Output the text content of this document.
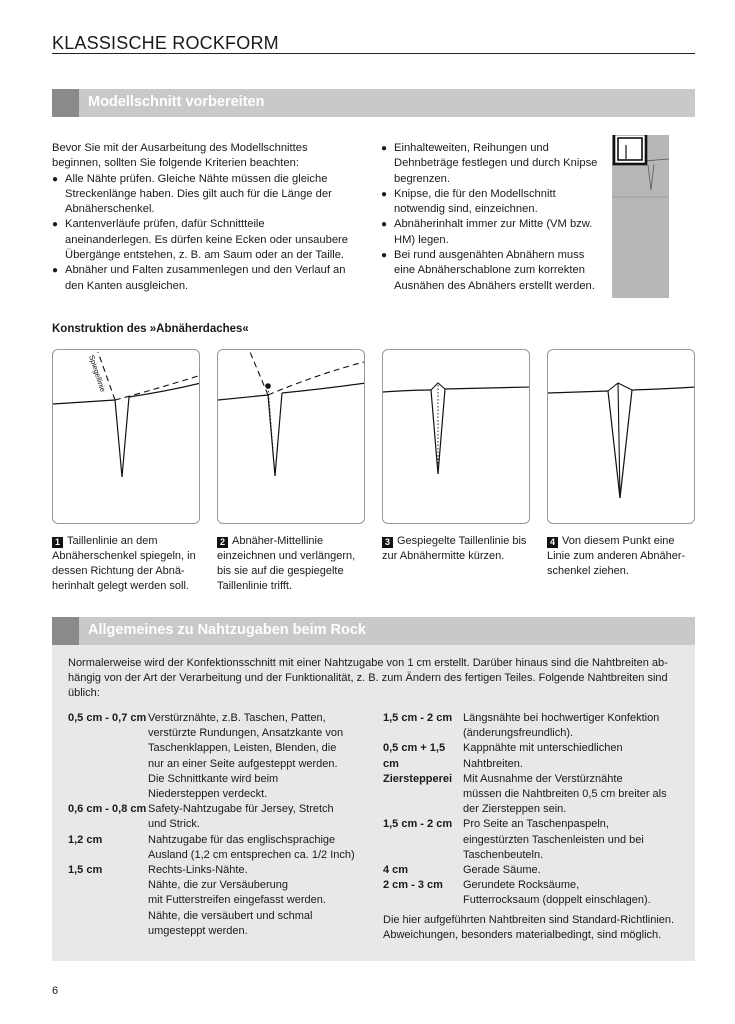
KLASSISCHE ROCKFORM
Modellschnitt vorbereiten
Bevor Sie mit der Ausarbeitung des Modellschnittes beginnen, sollten Sie folgende Kriterien beachten:
● Alle Nähte prüfen. Gleiche Nähte müssen die gleiche Streckenlänge haben. Dies gilt auch für die Länge der Abnäherschenkel.
● Kantenverläufe prüfen, dafür Schnittteile aneinanderlegen. Es dürfen keine Ecken oder unsaubere Übergänge entstehen, z. B. am Saum oder an der Taille.
● Abnäher und Falten zusammenlegen und den Verlauf an den Kanten ausgleichen.
● Einhalteweiten, Reihungen und Dehnbeträge festlegen und durch Knipse begrenzen.
● Knipse, die für den Modellschnitt notwendig sind, einzeichnen.
● Abnäherinhalt immer zur Mitte (VM bzw. HM) legen.
● Bei rund ausgenähten Abnähern muss eine Abnäherschablone zum korrekten Ausnähen des Abnähers erstellt werden.
Konstruktion des »Abnäherdaches«
Spiegellinie
1 Taillenlinie an dem Abnäherschenkel spiegeln, in dessen Richtung der Abnä-herinhalt gelegt werden soll.
2 Abnäher-Mittellinie einzeichnen und verlängern, bis sie auf die gespiegelte Taillenlinie trifft.
3 Gespiegelte Taillenlinie bis zur Abnähermitte kürzen.
4 Von diesem Punkt eine Linie zum anderen Abnäher-schenkel ziehen.
Allgemeines zu Nahtzugaben beim Rock
Normalerweise wird der Konfektionsschnitt mit einer Nahtzugabe von 1 cm erstellt. Darüber hinaus sind die Nahtbreiten ab-hängig von der Art der Verarbeitung und der Funktionalität, z. B. zum Ändern des fertigen Teiles. Folgende Nahtbreiten sind üblich:
0,5 cm - 0,7 cm Verstürznähte, z.B. Taschen, Patten,
verstürzte Rundungen, Ansatzkante von
Taschenklappen, Leisten, Blenden, die
nur an einer Seite aufgesteppt werden.
Die Schnittkante wird beim
Niedersteppen verdeckt.
0,6 cm - 0,8 cm Safety-Nahtzugabe für Jersey, Stretch
und Strick.
1,2 cm	Nahtzugabe für das englischsprachige
Ausland (1,2 cm entsprechen ca. 1/2 Inch)
1,5 cm	Rechts-Links-Nähte.
Nähte, die zur Versäuberung
mit Futterstreifen eingefasst werden.
Nähte, die versäubert und schmal
umgesteppt werden.
1,5 cm - 2 cm Längsnähte bei hochwertiger Konfektion
(änderungsfreundlich).
0,5 cm + 1,5 cm
Kappnähte mit unterschiedlichen
Nahtbreiten.
Ziersteppereі Mit Ausnahme der Verstürznähte
müssen die Nahtbreiten 0,5 cm breiter als
der Ziersteppen sein.
1,5 cm - 2 cm Pro Seite an Taschenpaspeln,
eingestürzten Taschenleisten und bei
Taschenbeuteln.
4 cm	Gerade Säume.
2 cm - 3 cm	Gerundete Rocksäume,
Futterrocksaum (doppelt einschlagen).
Die hier aufgeführten Nahtbreiten sind Standard-Richtlinien. Abweichungen, besonders materialbedingt, sind möglich.
6
